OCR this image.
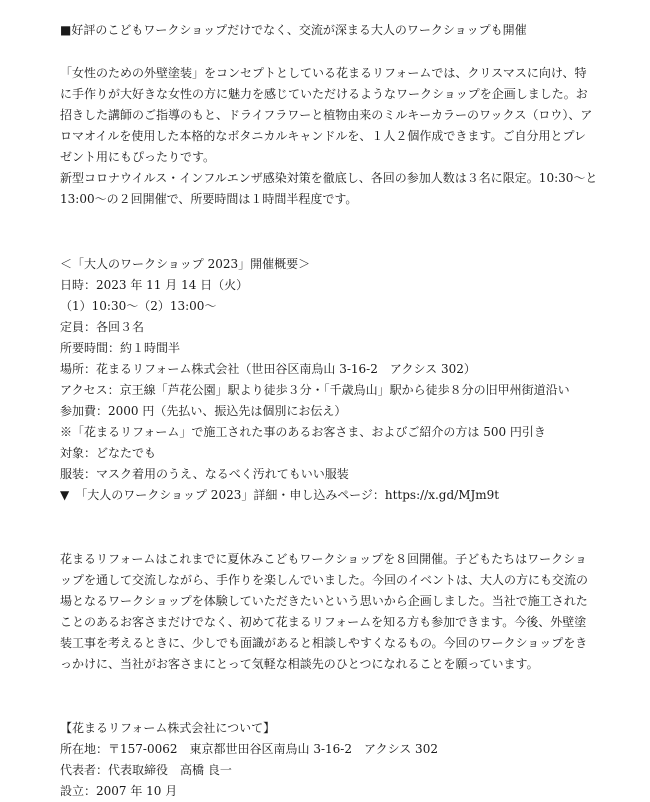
■好評のこどもワークショップだけでなく、交流が深まる大人のワークショップも開催
「女性のための外壁塗装」をコンセプトとしている花まるリフォームでは、クリスマスに向け、特
に手作りが大好きな女性の方に魅力を感じていただけるようなワークショップを企画しました。お
招きした講師のご指導のもと、ドライフラワーと植物由来のミルキーカラーのワックス（ロウ）、ア
ロマオイルを使用した本格的なボタニカルキャンドルを、１人２個作成できます。ご自分用とプレ
ゼント用にもぴったりです。
新型コロナウイルス・インフルエンザ感染対策を徹底し、各回の参加人数は３名に限定。10:30～と
13:00～の２回開催で、所要時間は１時間半程度です。
＜「大人のワークショップ 2023」開催概要＞
日時：2023 年 11 月 14 日（火）
（1）10:30～（2）13:00～
定員：各回３名
所要時間：約１時間半
場所：花まるリフォーム株式会社（世田谷区南烏山 3-16-2　アクシス 302）
アクセス：京王線「芦花公園」駅より徒歩３分・「千歳烏山」駅から徒歩８分の旧甲州街道沿い
参加費：2000 円（先払い、振込先は個別にお伝え）
※「花まるリフォーム」で施工された事のあるお客さま、およびご紹介の方は 500 円引き
対象：どなたでも
服装：マスク着用のうえ、なるべく汚れてもいい服装
▼　「大人のワークショップ 2023」詳細・申し込みページ：https://x.gd/MJm9t
花まるリフォームはこれまでに夏休みこどもワークショップを８回開催。子どもたちはワークショ
ップを通して交流しながら、手作りを楽しんでいました。今回のイベントは、大人の方にも交流の
場となるワークショップを体験していただきたいという思いから企画しました。当社で施工された
ことのあるお客さまだけでなく、初めて花まるリフォームを知る方も参加できます。今後、外壁塗
装工事を考えるときに、少しでも面識があると相談しやすくなるもの。今回のワークショップをき
っかけに、当社がお客さまにとって気軽な相談先のひとつになれることを願っています。
【花まるリフォーム株式会社について】
所在地：〒157-0062　東京都世田谷区南烏山 3-16-2　アクシス 302
代表者：代表取締役　高橋 良一
設立：2007 年 10 月
